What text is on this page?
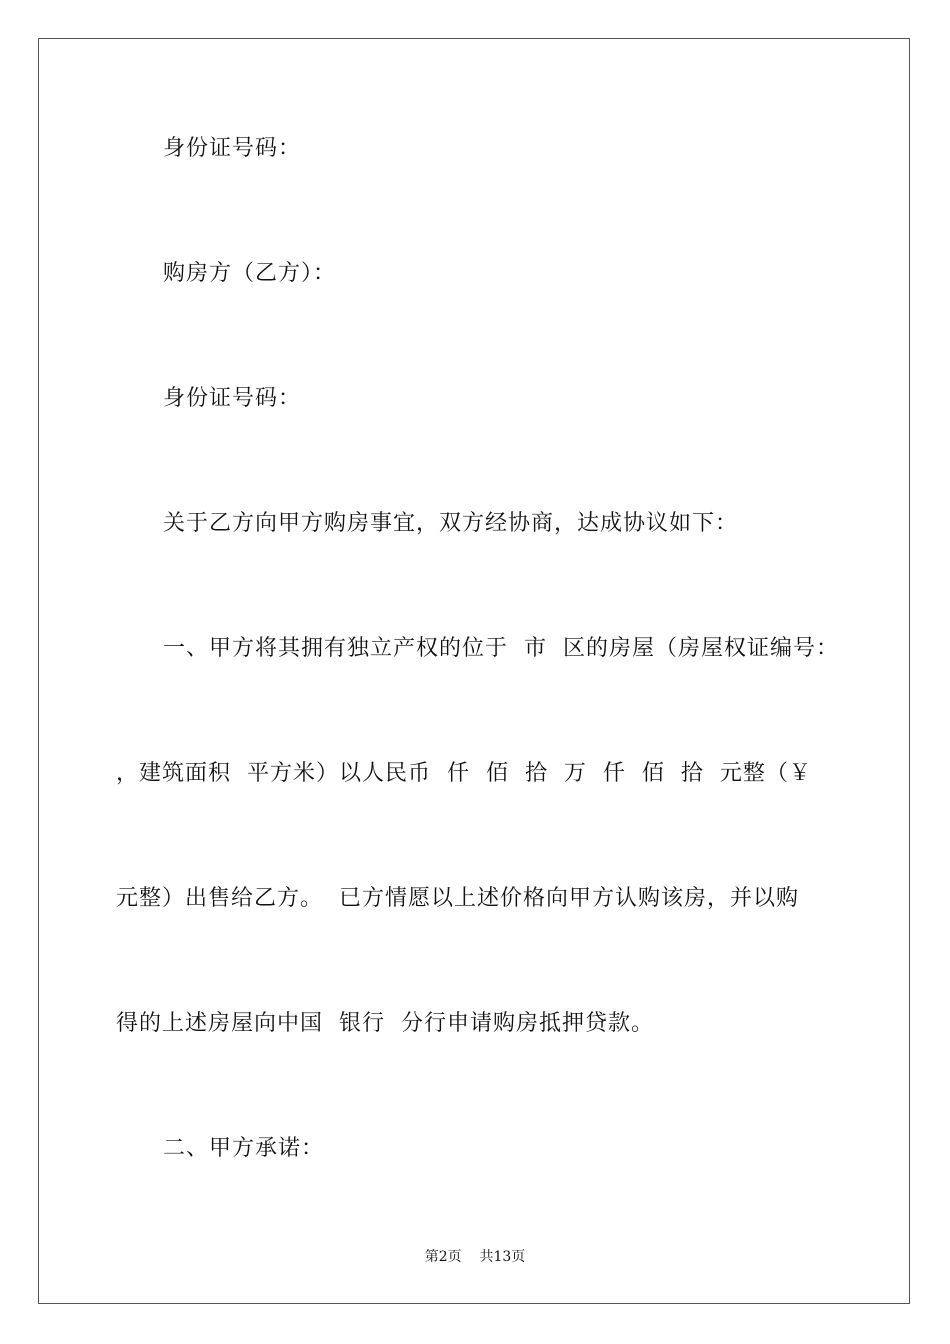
身份证号码：
购房方（乙方）：
身份证号码：
关于乙方向甲方购房事宜，双方经协商，达成协议如下：
一、甲方将其拥有独立产权的位于  市  区的房屋（房屋权证编号：
，建筑面积  平方米）以人民币  仟  佰  拾  万  仟  佰  拾  元整（￥
元整）出售给乙方。  已方情愿以上述价格向甲方认购该房，并以购
得的上述房屋向中国  银行  分行申请购房抵押贷款。
二、甲方承诺：
第2页    共13页
